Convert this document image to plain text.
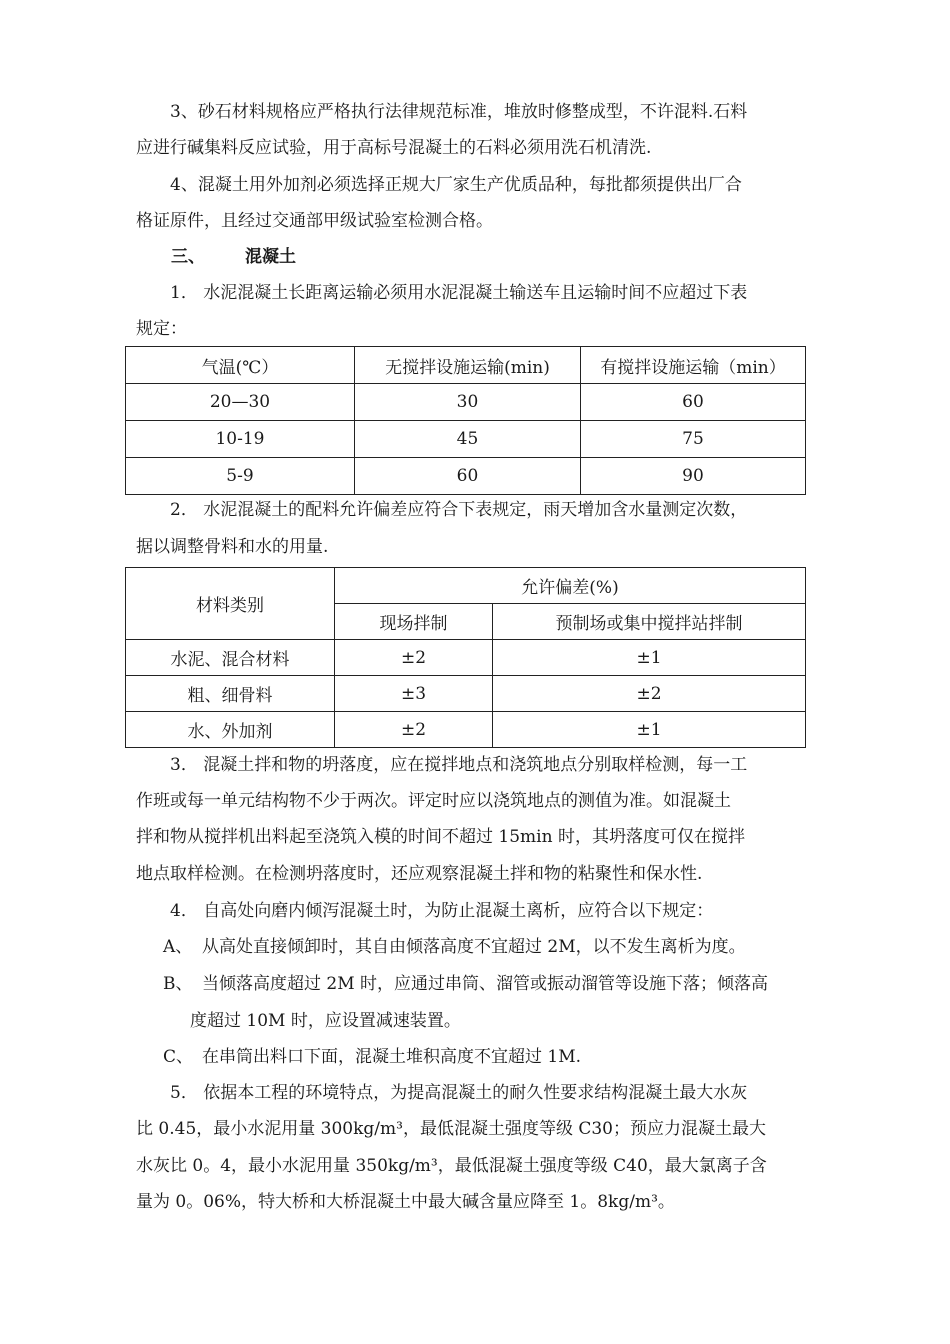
3、砂石材料规格应严格执行法律规范标准，堆放时修整成型，不许混料.石料

应进行碱集料反应试验，用于高标号混凝土的石料必须用洗石机清洗.

4、混凝土用外加剂必须选择正规大厂家生产优质品种，每批都须提供出厂合

格证原件，且经过交通部甲级试验室检测合格。

三、 混凝土

1． 水泥混凝土长距离运输必须用水泥混凝土输送车且运输时间不应超过下表

规定：

气温(℃）	无搅拌设施运输(min)	有搅拌设施运输（min）
20—30	30	60
10-19	45	75
5-9	60	90

2． 水泥混凝土的配料允许偏差应符合下表规定，雨天增加含水量测定次数，

据以调整骨料和水的用量.

材料类别	允许偏差(%)	
	现场拌制	预制场或集中搅拌站拌制
水泥、混合材料	±2	±1
粗、细骨料	±3	±2
水、外加剂	±2	±1

3． 混凝土拌和物的坍落度，应在搅拌地点和浇筑地点分别取样检测，每一工

作班或每一单元结构物不少于两次。评定时应以浇筑地点的测值为准。如混凝土

拌和物从搅拌机出料起至浇筑入模的时间不超过 15min 时，其坍落度可仅在搅拌

地点取样检测。在检测坍落度时，还应观察混凝土拌和物的粘聚性和保水性.

4． 自高处向磨内倾泻混凝土时，为防止混凝土离析，应符合以下规定：

A、 从高处直接倾卸时，其自由倾落高度不宜超过 2M，以不发生离析为度。
B、 当倾落高度超过 2M 时，应通过串筒、溜管或振动溜管等设施下落；倾落高
度超过 10M 时，应设置减速装置。
C、 在串筒出料口下面，混凝土堆积高度不宜超过 1M.

5． 依据本工程的环境特点，为提高混凝土的耐久性要求结构混凝土最大水灰

比 0.45，最小水泥用量 300kg/m³，最低混凝土强度等级 C30；预应力混凝土最大

水灰比 0。4，最小水泥用量 350kg/m³，最低混凝土强度等级 C40，最大氯离子含

量为 0。06%，特大桥和大桥混凝土中最大碱含量应降至 1。8kg/m³。
